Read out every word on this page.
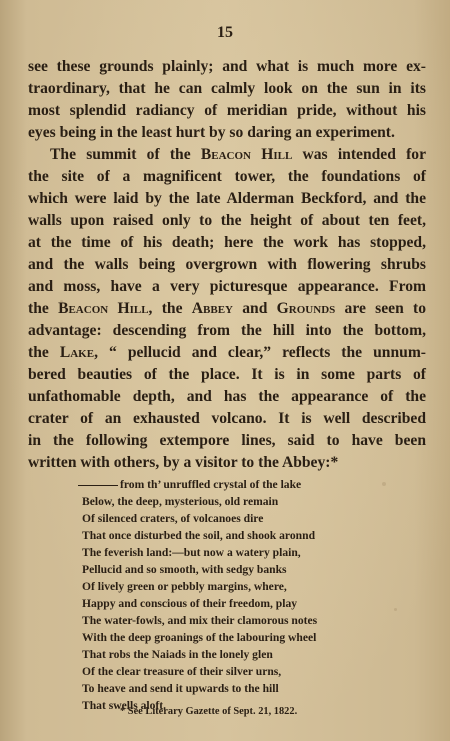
15
see these grounds plainly; and what is much more ex-
traordinary, that he can calmly look on the sun in its
most splendid radiancy of meridian pride, without his
eyes being in the least hurt by so daring an experiment.
The summit of the Beacon Hill was intended for
the site of a magnificent tower, the foundations of
which were laid by the late Alderman Beckford, and the
walls upon raised only to the height of about ten feet,
at the time of his death; here the work has stopped,
and the walls being overgrown with flowering shrubs
and moss, have a very picturesque appearance. From
the Beacon Hill, the Abbey and Grounds are seen to
advantage: descending from the hill into the bottom,
the Lake, “ pellucid and clear,” reflects the unnum-
bered beauties of the place. It is in some parts of
unfathomable depth, and has the appearance of the
crater of an exhausted volcano. It is well described
in the following extempore lines, said to have been
written with others, by a visitor to the Abbey:*
from th’ unruffled crystal of the lake
Below, the deep, mysterious, old remain
Of silenced craters, of volcanoes dire
That once disturbed the soil, and shook aronnd
The feverish land:—but now a watery plain,
Pellucid and so smooth, with sedgy banks
Of lively green or pebbly margins, where,
Happy and conscious of their freedom, play
The water-fowls, and mix their clamorous notes
With the deep groanings of the labouring wheel
That robs the Naiads in the lonely glen
Of the clear treasure of their silver urns,
To heave and send it upwards to the hill
That swells aloft.
* See Literary Gazette of Sept. 21, 1822.
